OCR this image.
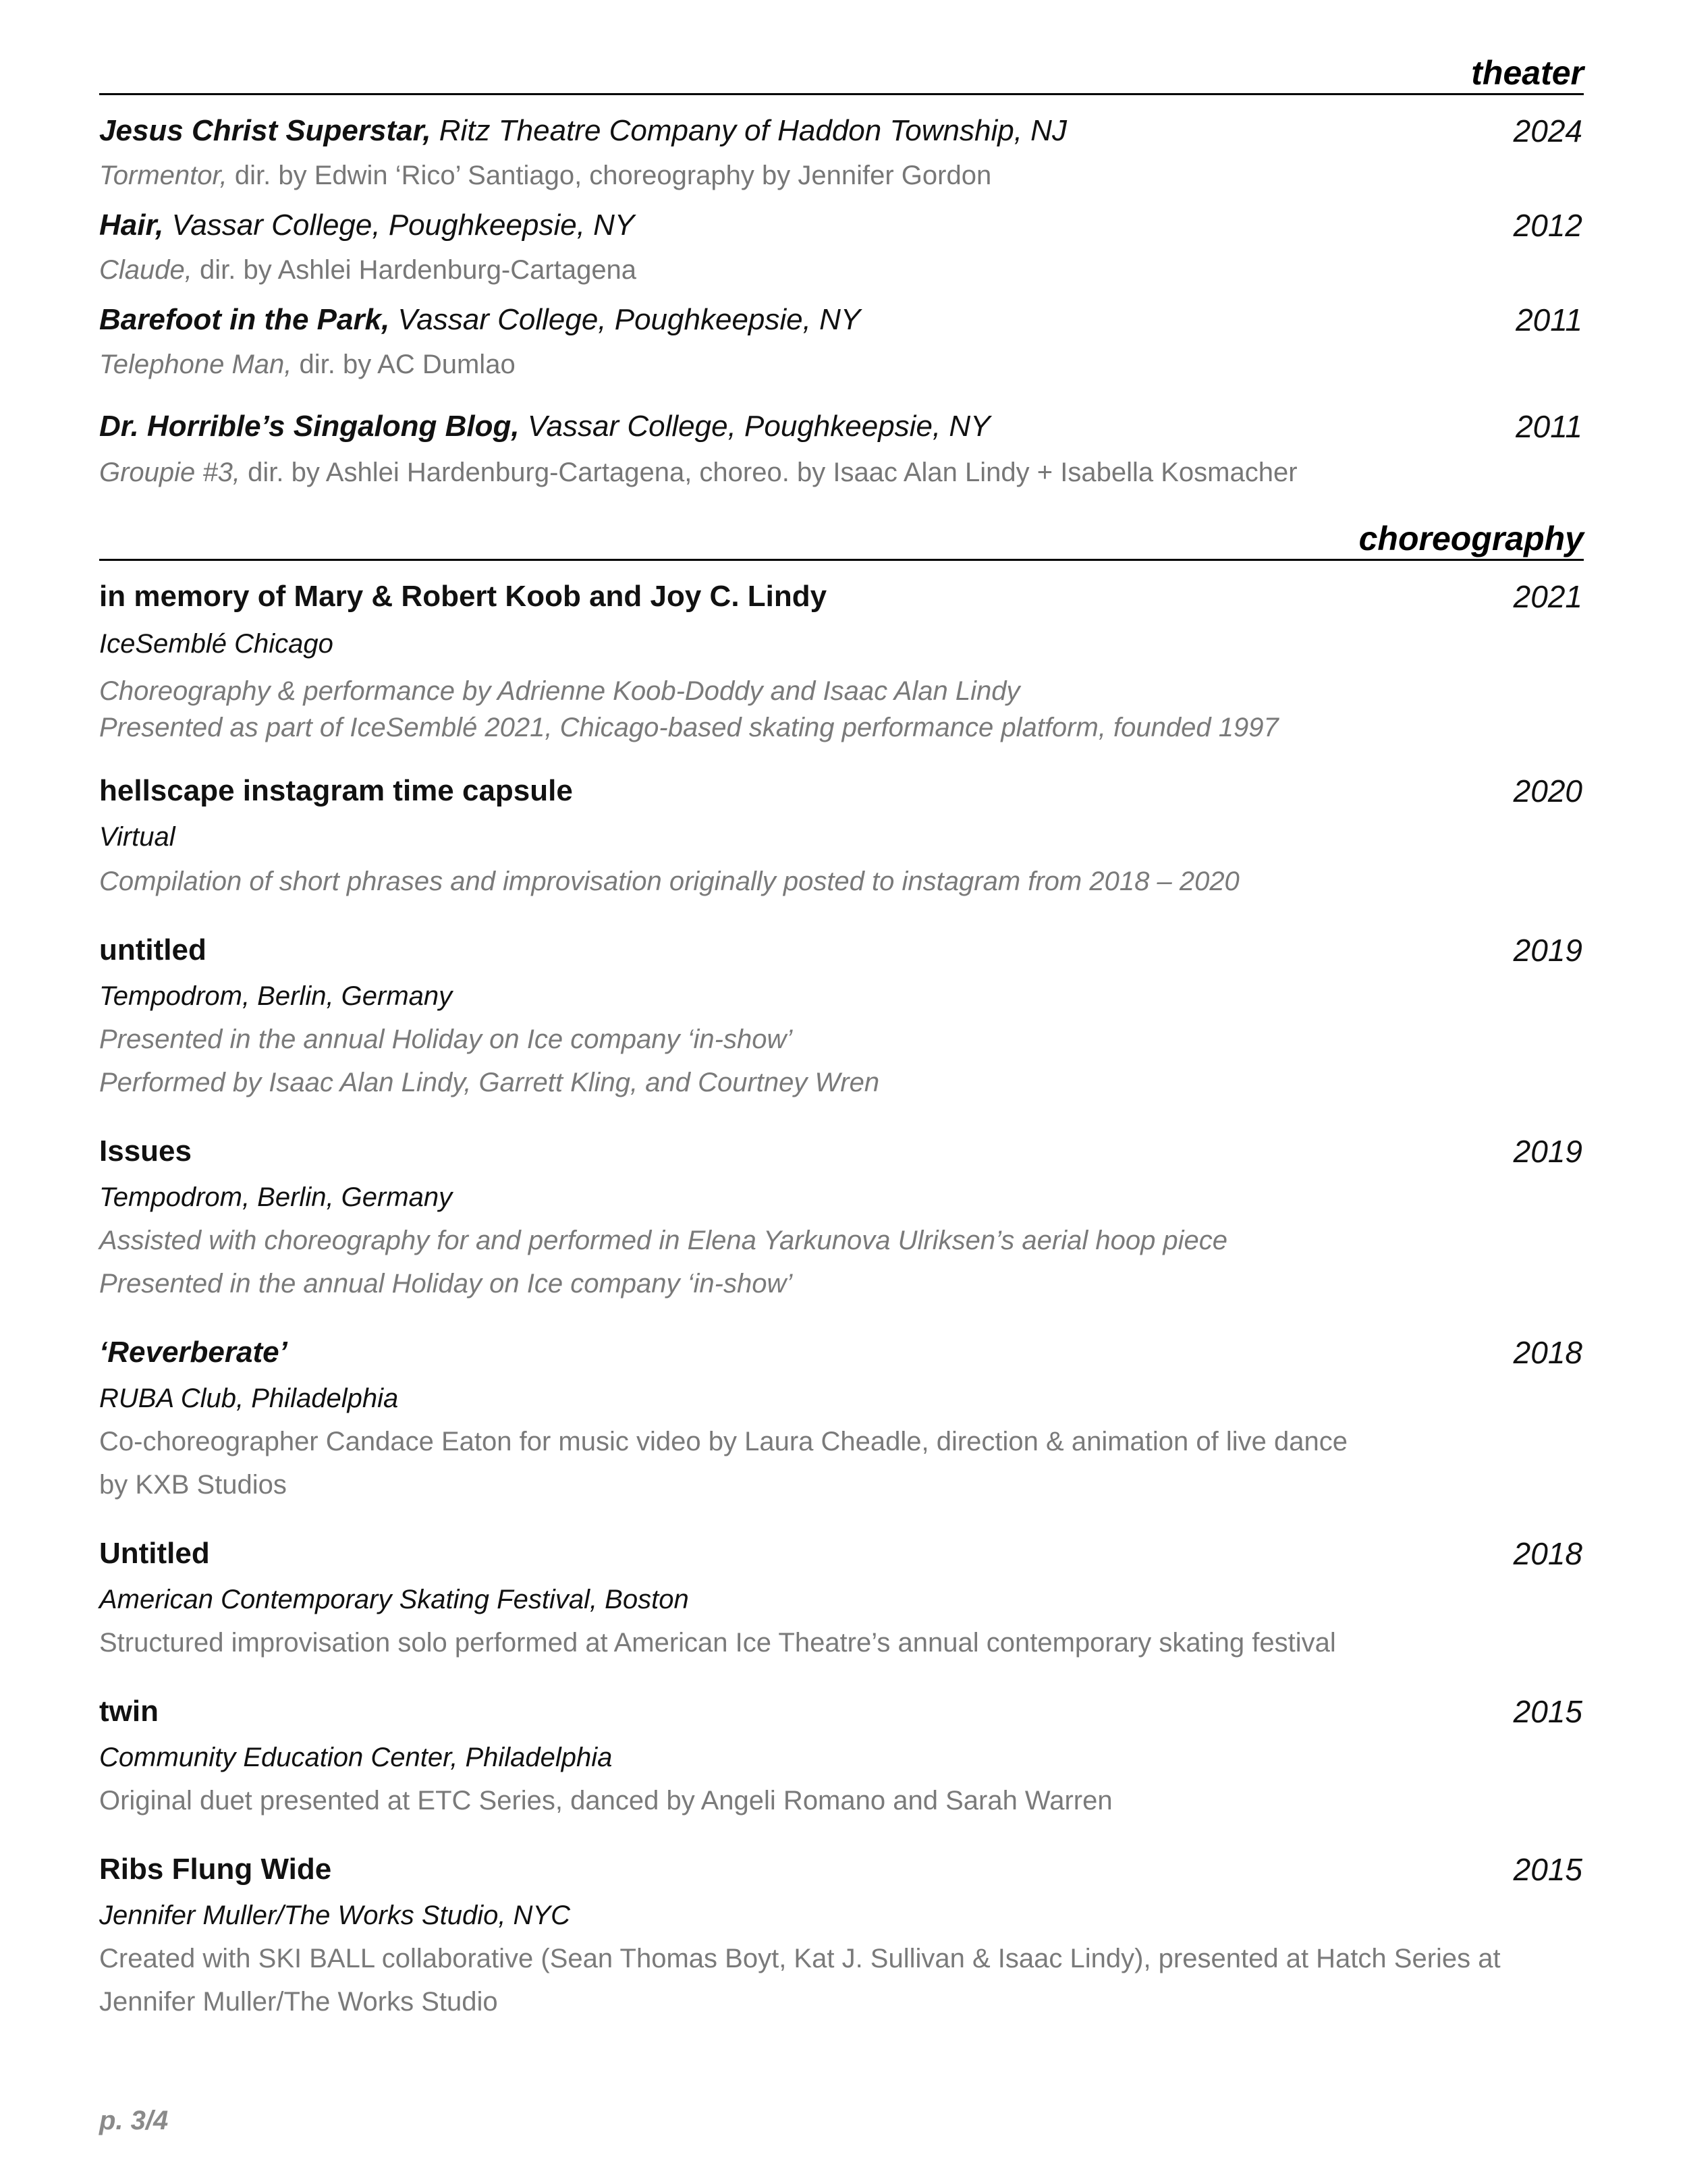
theater
Jesus Christ Superstar, Ritz Theatre Company of Haddon Township, NJ	2024
Tormentor, dir. by Edwin ‘Rico’ Santiago, choreography by Jennifer Gordon
Hair, Vassar College, Poughkeepsie, NY	2012
Claude, dir. by Ashlei Hardenburg-Cartagena
Barefoot in the Park, Vassar College, Poughkeepsie, NY	2011
Telephone Man, dir. by AC Dumlao
Dr. Horrible’s Singalong Blog, Vassar College, Poughkeepsie, NY	2011
Groupie #3, dir. by Ashlei Hardenburg-Cartagena, choreo. by Isaac Alan Lindy + Isabella Kosmacher
choreography
in memory of Mary & Robert Koob and Joy C. Lindy	2021
IceSemblé Chicago
Choreography & performance by Adrienne Koob-Doddy and Isaac Alan Lindy
Presented as part of IceSemblé 2021, Chicago-based skating performance platform, founded 1997
hellscape instagram time capsule	2020
Virtual
Compilation of short phrases and improvisation originally posted to instagram from 2018 – 2020
untitled	2019
Tempodrom, Berlin, Germany
Presented in the annual Holiday on Ice company ‘in-show’
Performed by Isaac Alan Lindy, Garrett Kling, and Courtney Wren
Issues	2019
Tempodrom, Berlin, Germany
Assisted with choreography for and performed in Elena Yarkunova Ulriksen’s aerial hoop piece
Presented in the annual Holiday on Ice company ‘in-show’
‘Reverberate’	2018
RUBA Club, Philadelphia
Co-choreographer Candace Eaton for music video by Laura Cheadle, direction & animation of live dance
by KXB Studios
Untitled	2018
American Contemporary Skating Festival, Boston
Structured improvisation solo performed at American Ice Theatre’s annual contemporary skating festival
twin	2015
Community Education Center, Philadelphia
Original duet presented at ETC Series, danced by Angeli Romano and Sarah Warren
Ribs Flung Wide	2015
Jennifer Muller/The Works Studio, NYC
Created with SKI BALL collaborative (Sean Thomas Boyt, Kat J. Sullivan & Isaac Lindy), presented at Hatch Series at
Jennifer Muller/The Works Studio
p. 3/4
